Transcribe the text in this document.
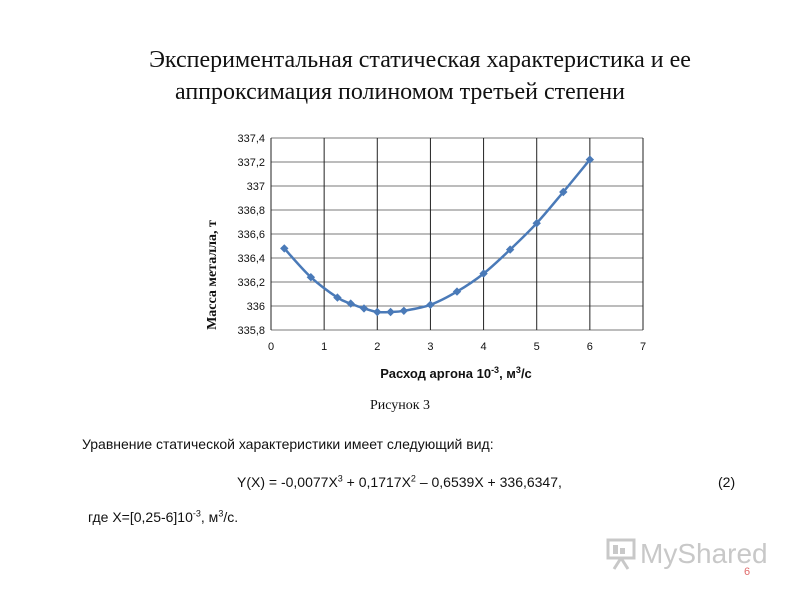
Экспериментальная статическая характеристика и ее
аппроксимация полиномом третьей степени
335,8
336
336,2
336,4
336,6
336,8
337
337,2
337,4
0	1	2	3	4	5	6	7
Масса металла, т
Расход аргона $10^{-3}$, $м^3/с$
Рисунок 3
Уравнение статической характеристики имеет следующий вид:
$Y(X) = -0,0077X^3 + 0,1717X^2 - 0,6539X + 336,6347$,	(2)
где $X=[0,25-6]10^{-3}$, $м^3/с$.
MyShared
6
